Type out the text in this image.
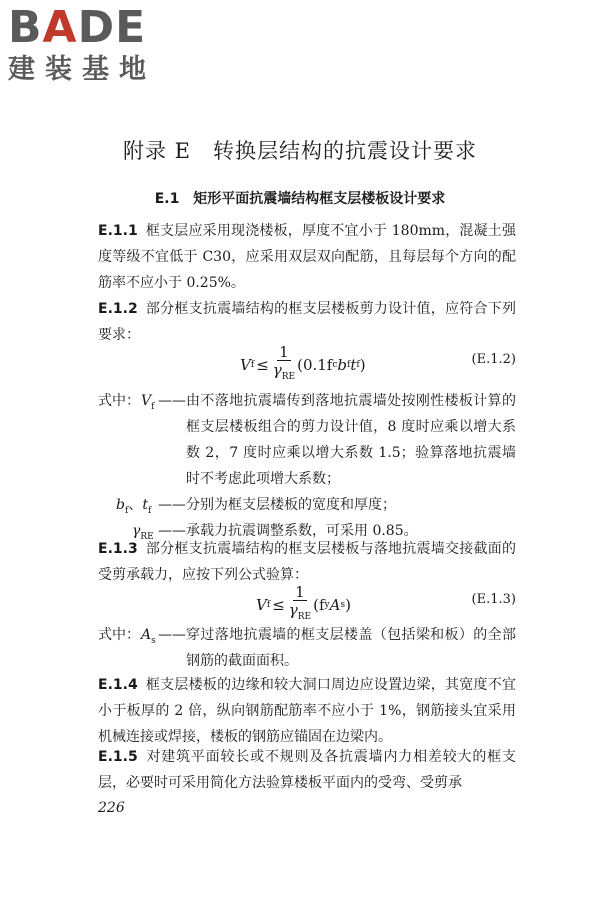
BADE
建装基地
附录 E　转换层结构的抗震设计要求
E.1　矩形平面抗震墙结构框支层楼板设计要求
E.1.1 框支层应采用现浇楼板，厚度不宜小于 180mm，混凝土强度等级不宜低于 C30，应采用双层双向配筋，且每层每个方向的配筋率不应小于 0.25%。
E.1.2 部分框支抗震墙结构的框支层楼板剪力设计值，应符合下列要求：
V $f \le \frac{1}{\gamma_{RE}} (0.1f$ c b f t f )	(E.1.2)
式中： $V_f$ —— 由不落地抗震墙传到落地抗震墙处按刚性楼板计算的框支层楼板组合的剪力设计值，8 度时应乘以增大系数 2，7 度时应乘以增大系数 1.5；验算落地抗震墙时不考虑此项增大系数；
$b_f$、$t_f$ —— 分别为框支层楼板的宽度和厚度；
$\gamma_{RE}$ —— 承载力抗震调整系数，可采用 0.85。
E.1.3 部分框支抗震墙结构的框支层楼板与落地抗震墙交接截面的受剪承载力，应按下列公式验算：
V $f \le \frac{1}{\gamma_{RE}} (f$ y A s )	(E.1.3)
式中： $A_s$ —— 穿过落地抗震墙的框支层楼盖（包括梁和板）的全部钢筋的截面面积。
E.1.4 框支层楼板的边缘和较大洞口周边应设置边梁，其宽度不宜小于板厚的 2 倍，纵向钢筋配筋率不应小于 1%，钢筋接头宜采用机械连接或焊接，楼板的钢筋应锚固在边梁内。
E.1.5 对建筑平面较长或不规则及各抗震墙内力相差较大的框支层，必要时可采用简化方法验算楼板平面内的受弯、受剪承
226
